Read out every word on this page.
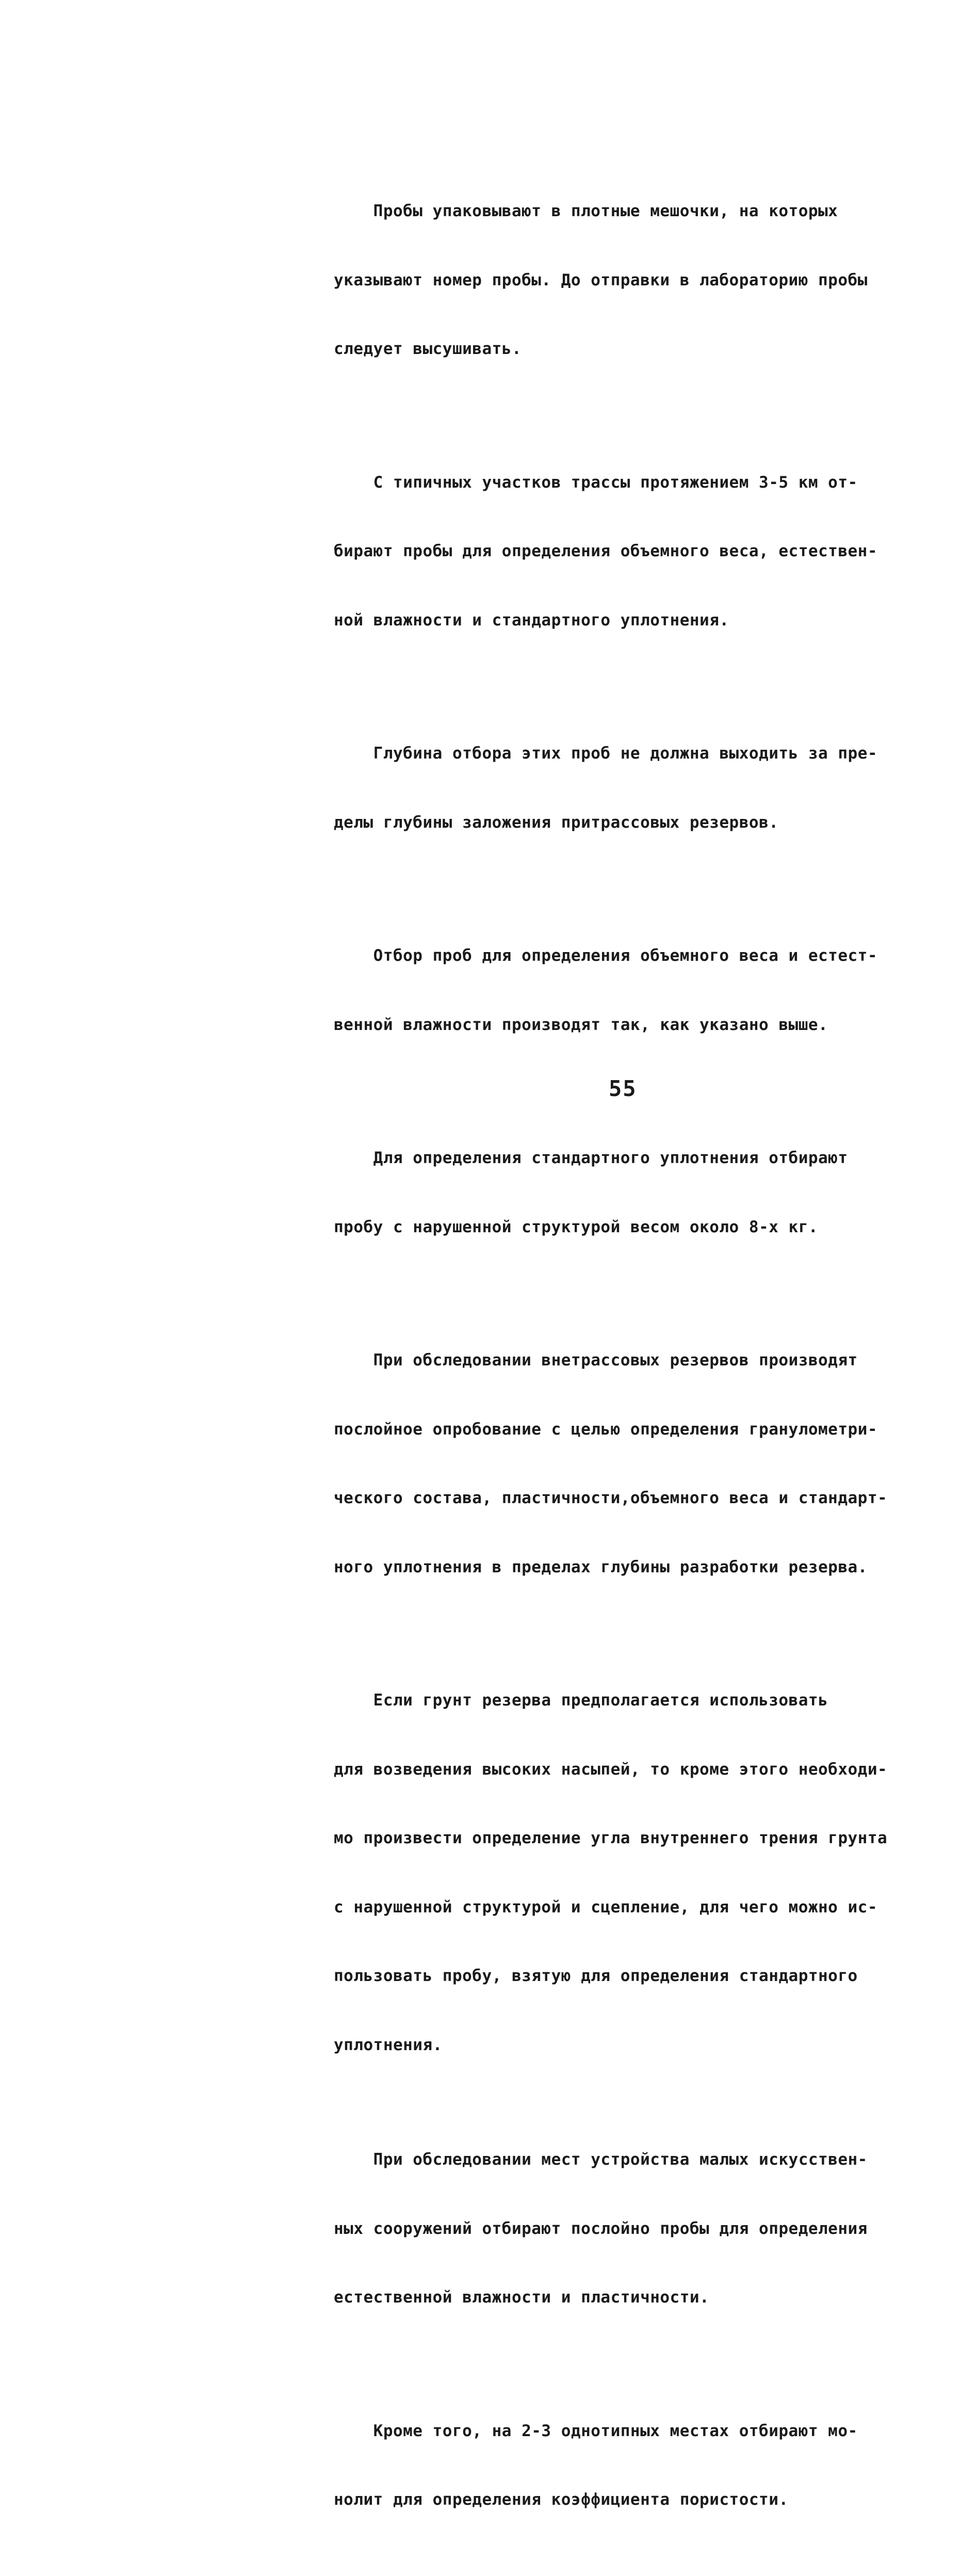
Пробы упаковывают в плотные мешочки, на которых

указывают номер пробы. До отправки в лабораторию пробы

следует высушивать.

С типичных участков трассы протяжением 3-5 км от-

бирают пробы для определения объемного веса, естествен-

ной влажности и стандартного уплотнения.

Глубина отбора этих проб не должна выходить за пре-

делы глубины заложения притрассовых резервов.

Отбор проб для определения объемного веса и естест-

венной влажности производят так, как указано выше.

Для определения стандартного уплотнения отбирают

пробу с нарушенной структурой весом около 8-х кг.

При обследовании внетрассовых резервов производят

послойное опробование с целью определения гранулометри-

ческого состава, пластичности,объемного веса и стандарт-

ного уплотнения в пределах глубины разработки резерва.

Если грунт резерва предполагается использовать

для возведения высоких насыпей, то кроме этого необходи-

мо произвести определение угла внутреннего трения грунта

с нарушенной структурой и сцепление, для чего можно ис-

пользовать пробу, взятую для определения стандартного

уплотнения.

При обследовании мест устройства малых искусствен-

ных сооружений отбирают послойно пробы для определения

естественной влажности и пластичности.

Кроме того, на 2-3 однотипных местах отбирают мо-

нолит для определения коэффициента пористости.

55
